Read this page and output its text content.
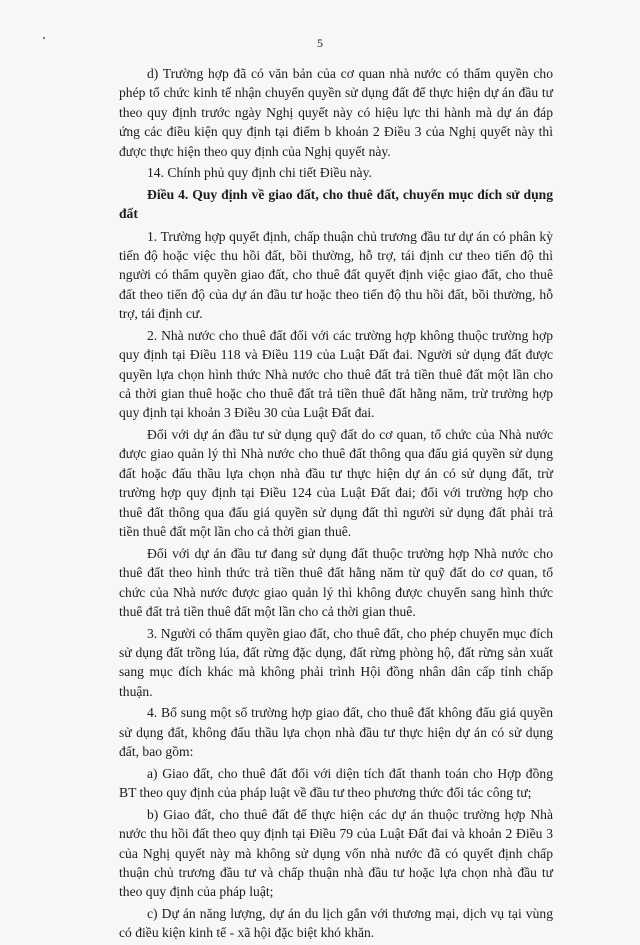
5

d) Trường hợp đã có văn bản của cơ quan nhà nước có thẩm quyền cho phép tổ chức kinh tế nhận chuyển quyền sử dụng đất để thực hiện dự án đầu tư theo quy định trước ngày Nghị quyết này có hiệu lực thi hành mà dự án đáp ứng các điều kiện quy định tại điểm b khoản 2 Điều 3 của Nghị quyết này thì được thực hiện theo quy định của Nghị quyết này.

14. Chính phủ quy định chi tiết Điều này.

Điều 4. Quy định về giao đất, cho thuê đất, chuyển mục đích sử dụng đất

1. Trường hợp quyết định, chấp thuận chủ trương đầu tư dự án có phân kỳ tiến độ hoặc việc thu hồi đất, bồi thường, hỗ trợ, tái định cư theo tiến độ thì người có thẩm quyền giao đất, cho thuê đất quyết định việc giao đất, cho thuê đất theo tiến độ của dự án đầu tư hoặc theo tiến độ thu hồi đất, bồi thường, hỗ trợ, tái định cư.

2. Nhà nước cho thuê đất đối với các trường hợp không thuộc trường hợp quy định tại Điều 118 và Điều 119 của Luật Đất đai. Người sử dụng đất được quyền lựa chọn hình thức Nhà nước cho thuê đất trả tiền thuê đất một lần cho cả thời gian thuê hoặc cho thuê đất trả tiền thuê đất hằng năm, trừ trường hợp quy định tại khoản 3 Điều 30 của Luật Đất đai.

Đối với dự án đầu tư sử dụng quỹ đất do cơ quan, tổ chức của Nhà nước được giao quản lý thì Nhà nước cho thuê đất thông qua đấu giá quyền sử dụng đất hoặc đấu thầu lựa chọn nhà đầu tư thực hiện dự án có sử dụng đất, trừ trường hợp quy định tại Điều 124 của Luật Đất đai; đối với trường hợp cho thuê đất thông qua đấu giá quyền sử dụng đất thì người sử dụng đất phải trả tiền thuê đất một lần cho cả thời gian thuê.

Đối với dự án đầu tư đang sử dụng đất thuộc trường hợp Nhà nước cho thuê đất theo hình thức trả tiền thuê đất hằng năm từ quỹ đất do cơ quan, tổ chức của Nhà nước được giao quản lý thì không được chuyển sang hình thức thuê đất trả tiền thuê đất một lần cho cả thời gian thuê.

3. Người có thẩm quyền giao đất, cho thuê đất, cho phép chuyển mục đích sử dụng đất trồng lúa, đất rừng đặc dụng, đất rừng phòng hộ, đất rừng sản xuất sang mục đích khác mà không phải trình Hội đồng nhân dân cấp tỉnh chấp thuận.

4. Bổ sung một số trường hợp giao đất, cho thuê đất không đấu giá quyền sử dụng đất, không đấu thầu lựa chọn nhà đầu tư thực hiện dự án có sử dụng đất, bao gồm:

a) Giao đất, cho thuê đất đối với diện tích đất thanh toán cho Hợp đồng BT theo quy định của pháp luật về đầu tư theo phương thức đối tác công tư;

b) Giao đất, cho thuê đất để thực hiện các dự án thuộc trường hợp Nhà nước thu hồi đất theo quy định tại Điều 79 của Luật Đất đai và khoản 2 Điều 3 của Nghị quyết này mà không sử dụng vốn nhà nước đã có quyết định chấp thuận chủ trương đầu tư và chấp thuận nhà đầu tư hoặc lựa chọn nhà đầu tư theo quy định của pháp luật;

c) Dự án năng lượng, dự án du lịch gắn với thương mại, dịch vụ tại vùng có điều kiện kinh tế - xã hội đặc biệt khó khăn.
